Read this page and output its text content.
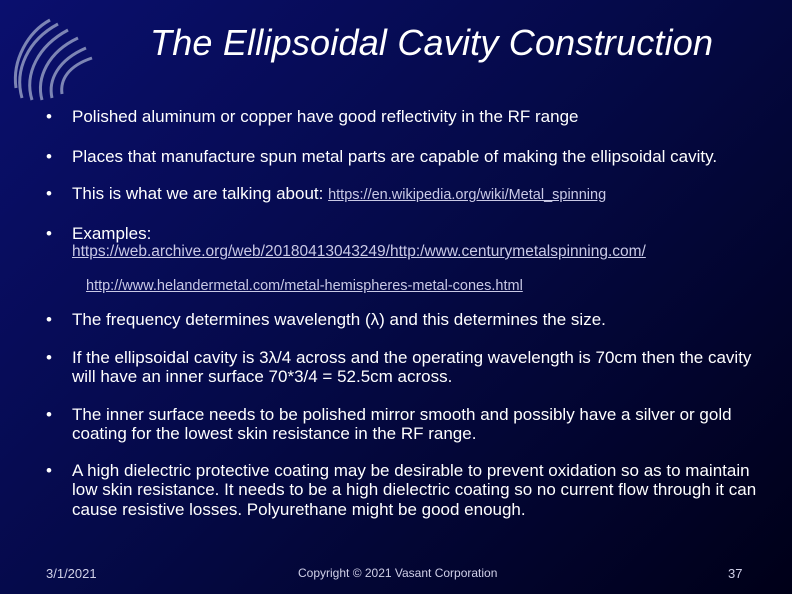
The Ellipsoidal Cavity Construction
• Polished aluminum or copper have good reflectivity in the RF range
• Places that manufacture spun metal parts are capable of making the ellipsoidal cavity.
• This is what we are talking about: https://en.wikipedia.org/wiki/Metal_spinning
• Examples:
https://web.archive.org/web/20180413043249/http:/www.centurymetalspinning.com/
http://www.helandermetal.com/metal-hemispheres-metal-cones.html
• The frequency determines wavelength (λ) and this determines the size.
• If the ellipsoidal cavity is 3λ/4 across and the operating wavelength is 70cm then the cavity will have an inner surface 70*3/4 = 52.5cm across.
• The inner surface needs to be polished mirror smooth and possibly have a silver or gold coating for the lowest skin resistance in the RF range.
• A high dielectric protective coating may be desirable to prevent oxidation so as to maintain low skin resistance. It needs to be a high dielectric coating so no current flow through it can cause resistive losses. Polyurethane might be good enough.
3/1/2021	Copyright © 2021 Vasant Corporation	37
